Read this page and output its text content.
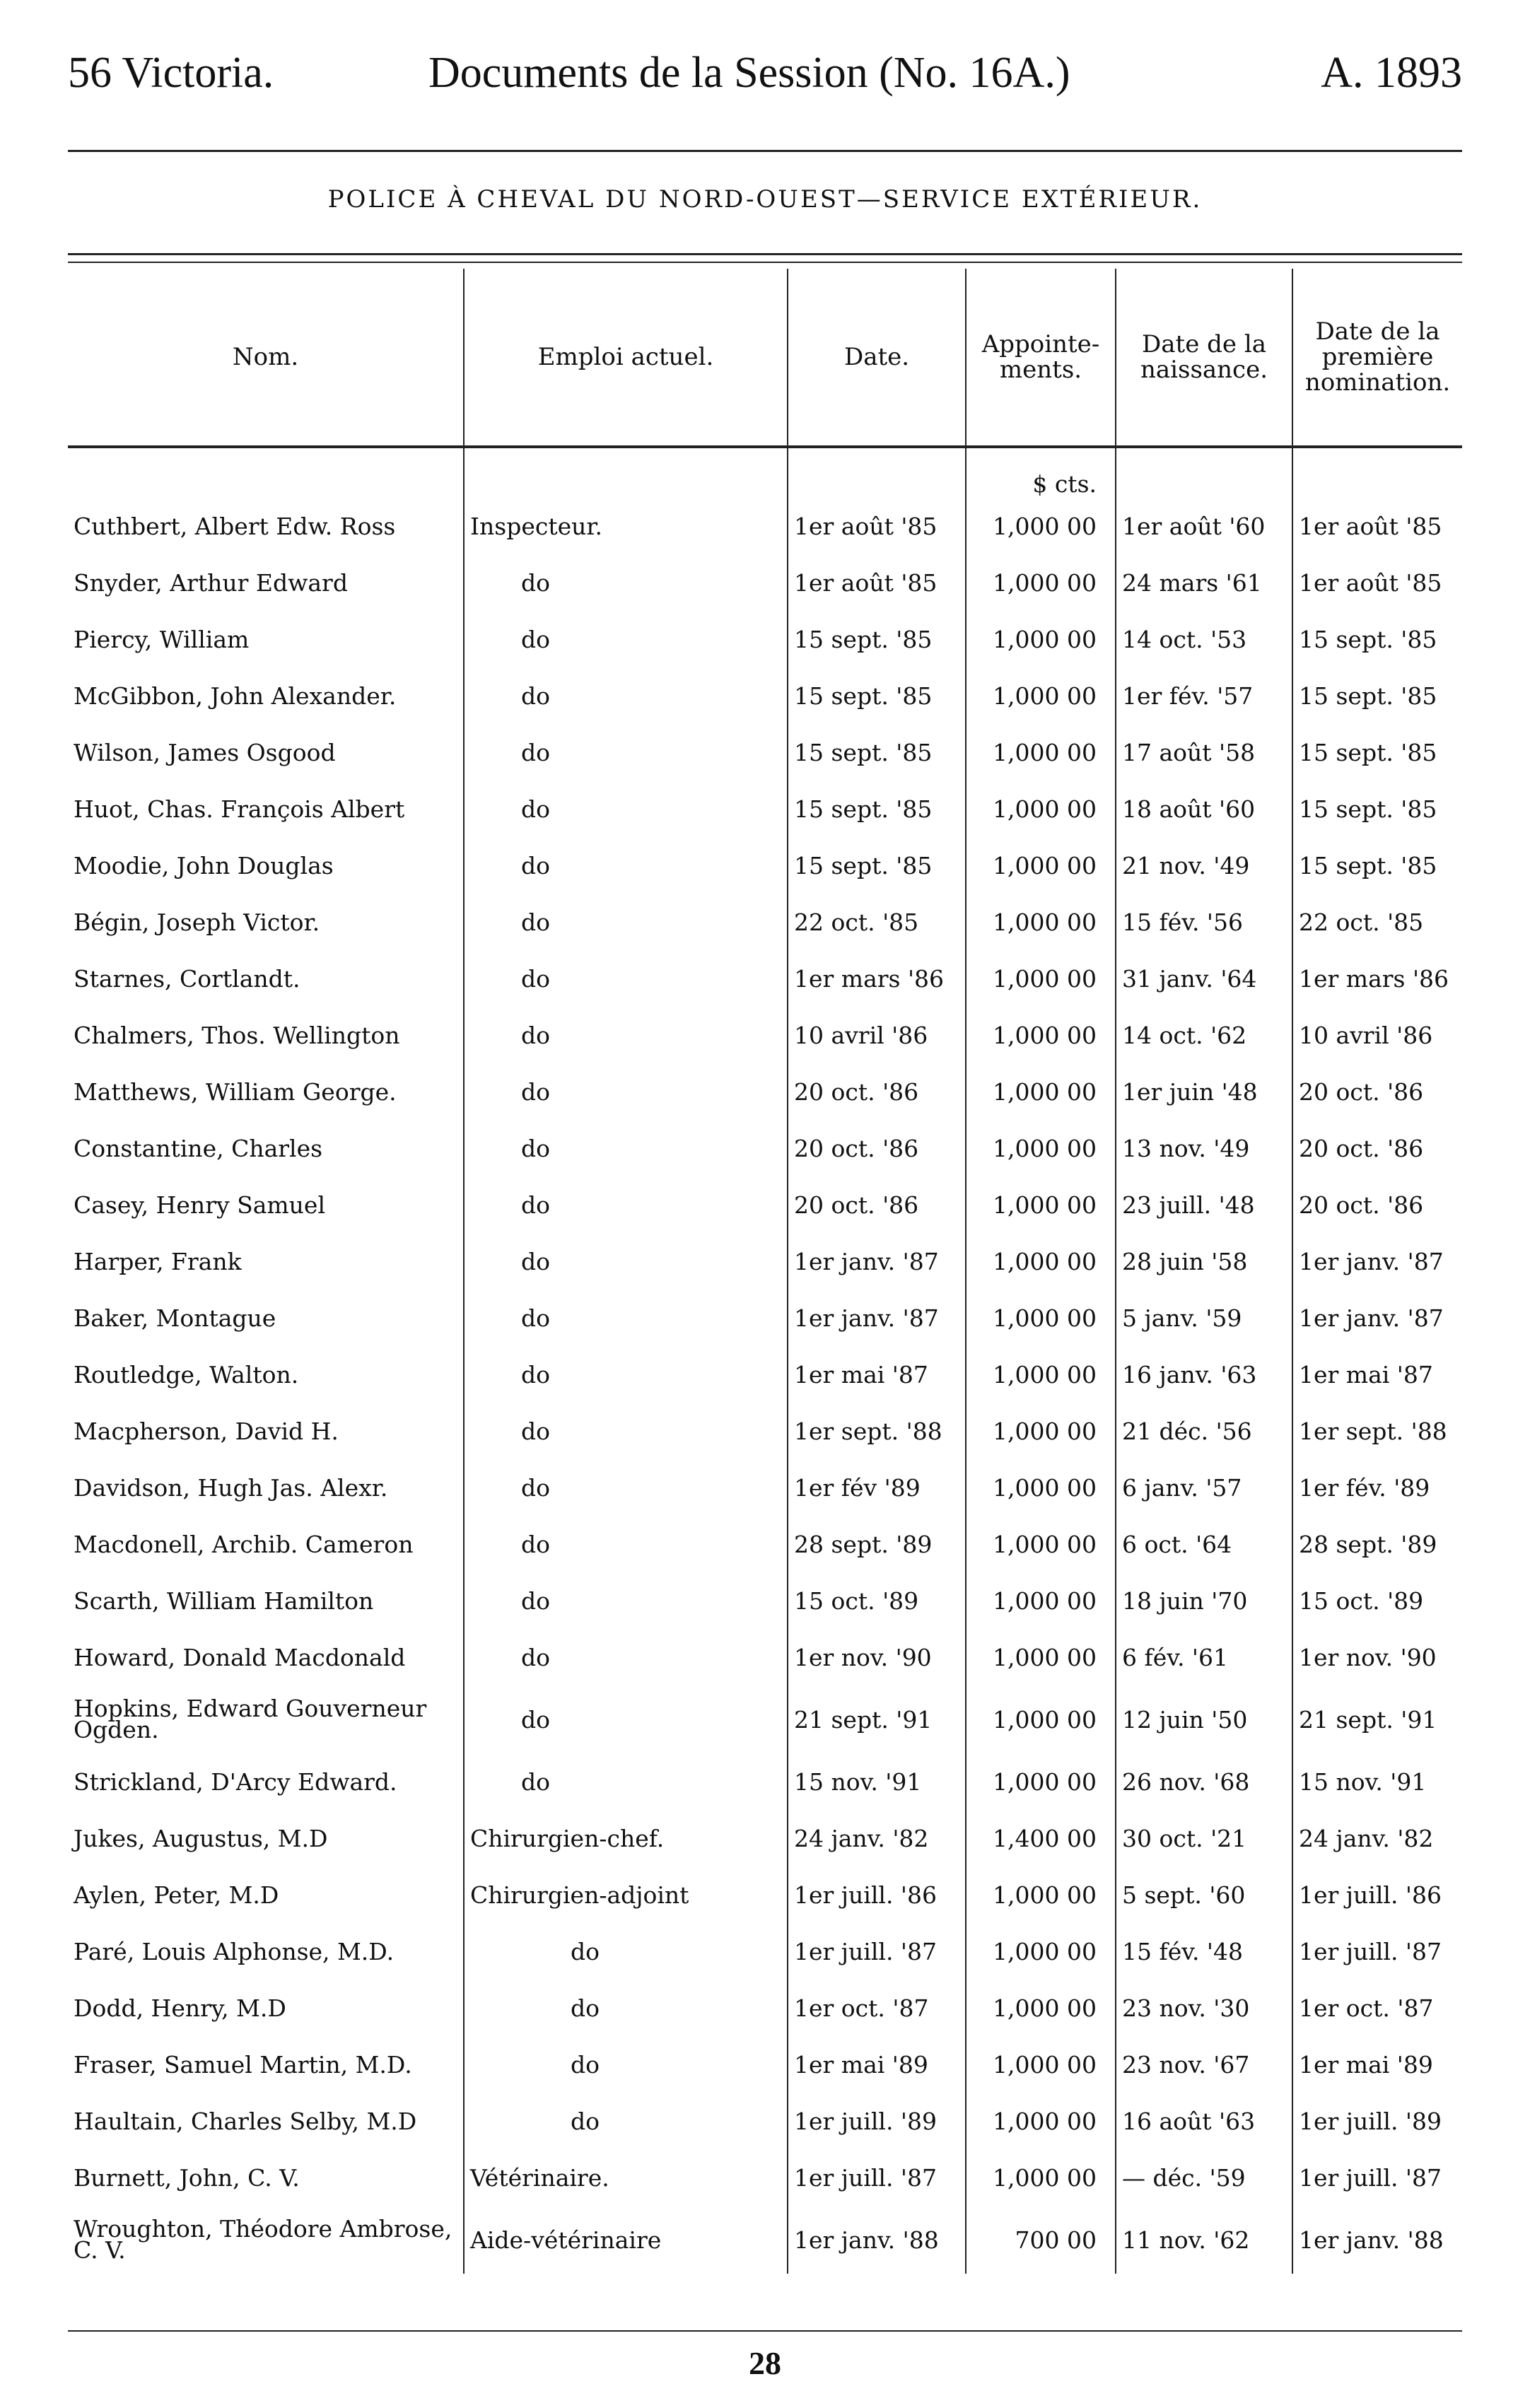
56 Victoria.	Documents de la Session (No. 16A.)	A. 1893
POLICE À CHEVAL DU NORD-OUEST—SERVICE EXTÉRIEUR.
Nom.	Emploi actuel.	Date.	Appointe-ments.	Date de la naissance.	Date de la première nomination.
			$ cts.		
Cuthbert, Albert Edw. Ross	Inspecteur.	1er août '85	1,000 00	1er août '60	1er août '85
Snyder, Arthur Edward	do	1er août '85	1,000 00	24 mars '61	1er août '85
Piercy, William	do	15 sept. '85	1,000 00	14 oct. '53	15 sept. '85
McGibbon, John Alexander.	do	15 sept. '85	1,000 00	1er fév. '57	15 sept. '85
Wilson, James Osgood	do	15 sept. '85	1,000 00	17 août '58	15 sept. '85
Huot, Chas. François Albert	do	15 sept. '85	1,000 00	18 août '60	15 sept. '85
Moodie, John Douglas	do	15 sept. '85	1,000 00	21 nov. '49	15 sept. '85
Bégin, Joseph Victor.	do	22 oct. '85	1,000 00	15 fév. '56	22 oct. '85
Starnes, Cortlandt.	do	1er mars '86	1,000 00	31 janv. '64	1er mars '86
Chalmers, Thos. Wellington	do	10 avril '86	1,000 00	14 oct. '62	10 avril '86
Matthews, William George.	do	20 oct. '86	1,000 00	1er juin '48	20 oct. '86
Constantine, Charles	do	20 oct. '86	1,000 00	13 nov. '49	20 oct. '86
Casey, Henry Samuel	do	20 oct. '86	1,000 00	23 juill. '48	20 oct. '86
Harper, Frank	do	1er janv. '87	1,000 00	28 juin '58	1er janv. '87
Baker, Montague	do	1er janv. '87	1,000 00	5 janv. '59	1er janv. '87
Routledge, Walton.	do	1er mai '87	1,000 00	16 janv. '63	1er mai '87
Macpherson, David H.	do	1er sept. '88	1,000 00	21 déc. '56	1er sept. '88
Davidson, Hugh Jas. Alexr.	do	1er fév '89	1,000 00	6 janv. '57	1er fév. '89
Macdonell, Archib. Cameron	do	28 sept. '89	1,000 00	6 oct. '64	28 sept. '89
Scarth, William Hamilton	do	15 oct. '89	1,000 00	18 juin '70	15 oct. '89
Howard, Donald Macdonald	do	1er nov. '90	1,000 00	6 fév. '61	1er nov. '90
Hopkins, Edward Gouverneur Ogden.	do	21 sept. '91	1,000 00	12 juin '50	21 sept. '91
Strickland, D'Arcy Edward.	do	15 nov. '91	1,000 00	26 nov. '68	15 nov. '91
Jukes, Augustus, M.D	Chirurgien-chef.	24 janv. '82	1,400 00	30 oct. '21	24 janv. '82
Aylen, Peter, M.D	Chirurgien-adjoint	1er juill. '86	1,000 00	5 sept. '60	1er juill. '86
Paré, Louis Alphonse, M.D.	do	1er juill. '87	1,000 00	15 fév. '48	1er juill. '87
Dodd, Henry, M.D	do	1er oct. '87	1,000 00	23 nov. '30	1er oct. '87
Fraser, Samuel Martin, M.D.	do	1er mai '89	1,000 00	23 nov. '67	1er mai '89
Haultain, Charles Selby, M.D	do	1er juill. '89	1,000 00	16 août '63	1er juill. '89
Burnett, John, C. V.	Vétérinaire.	1er juill. '87	1,000 00	— déc. '59	1er juill. '87
Wroughton, Théodore Ambrose, C. V.	Aide-vétérinaire	1er janv. '88	700 00	11 nov. '62	1er janv. '88
28
